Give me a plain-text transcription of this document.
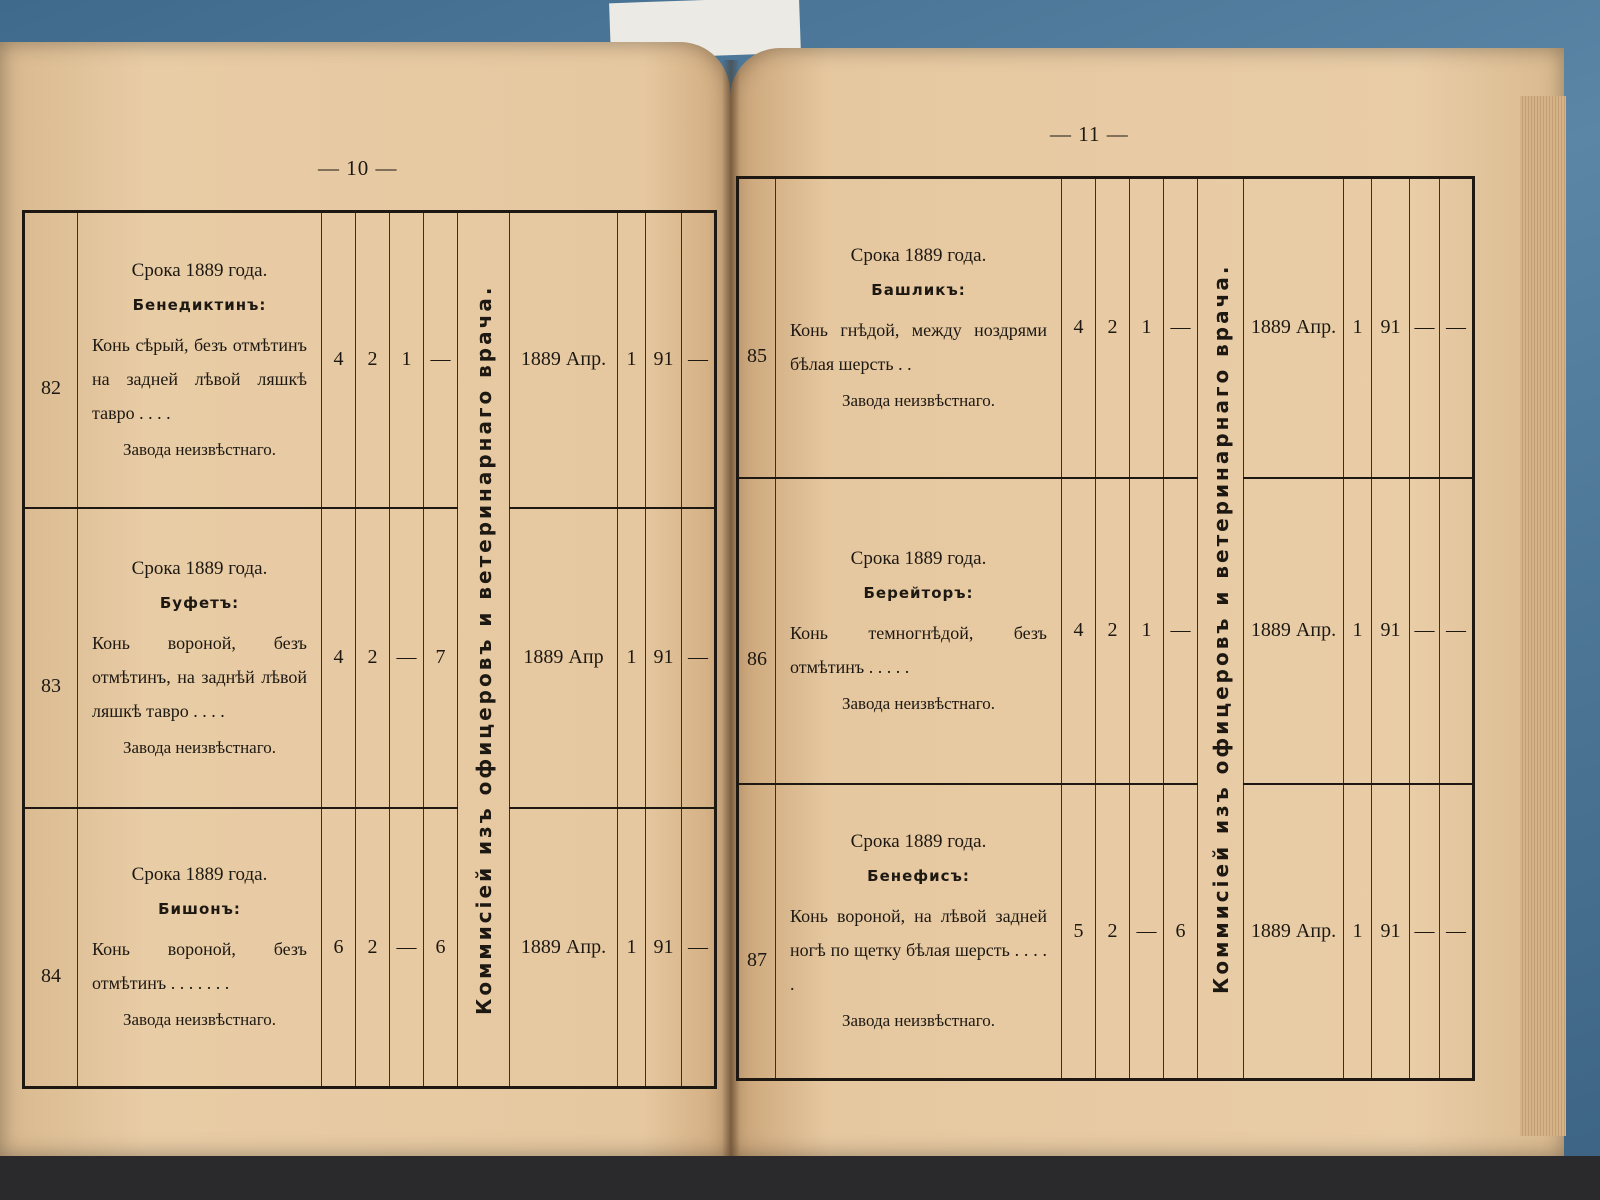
— 10 —
— 11 —
82	Срока 1889 года.
Бенедиктинъ:
Конь сѣрый, безъ отмѣтинъ на задней лѣвой ляшкѣ тавро . . . .
Завода неизвѣстнаго.	4	2	1	—	Коммисiей изъ офицеровъ и ветеринарнаго врача.	1889 Апр.	1	91	—
83	Срока 1889 года.
Буфетъ:
Конь вороной, безъ отмѣтинъ, на заднѣй лѣвой ляшкѣ тавро . . . .
Завода неизвѣстнаго.	4	2	—	7		1889 Апр	1	91	—
84	Срока 1889 года.
Бишонъ:
Конь вороной, безъ отмѣтинъ . . . . . . .
Завода неизвѣстнаго.	6	2	—	6		1889 Апр.	1	91	—
85	Срока 1889 года.
Башликъ:
Конь гнѣдой, между ноздрями бѣлая шерсть . .
Завода неизвѣстнаго.	4	2	1	—	Коммисiей изъ офицеровъ и ветеринарнаго врача.	1889 Апр.	1	91	—	—
86	Срока 1889 года.
Берейторъ:
Конь темногнѣдой, безъ отмѣтинъ . . . . .
Завода неизвѣстнаго.	4	2	1	—		1889 Апр.	1	91	—	—
87	Срока 1889 года.
Бенефисъ:
Конь вороной, на лѣвой задней ногѣ по щетку бѣлая шерсть . . . . .
Завода неизвѣстнаго.	5	2	—	6		1889 Апр.	1	91	—	—
